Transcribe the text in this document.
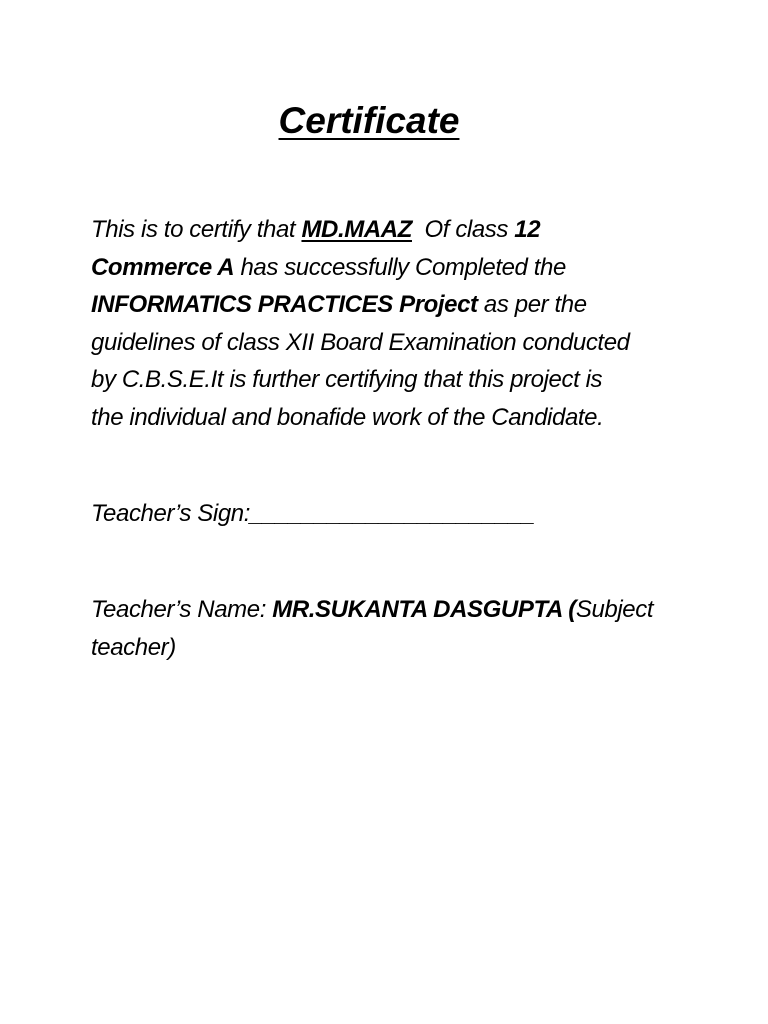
Certificate
This is to certify that MD.MAAZ  Of class 12
Commerce A has successfully Completed the
INFORMATICS PRACTICES Project as per the
guidelines of class XII Board Examination conducted
by C.B.S.E.It is further certifying that this project is
the individual and bonafide work of the Candidate.
Teacher’s Sign:______________________
Teacher’s Name: MR.SUKANTA DASGUPTA (Subject
teacher)
